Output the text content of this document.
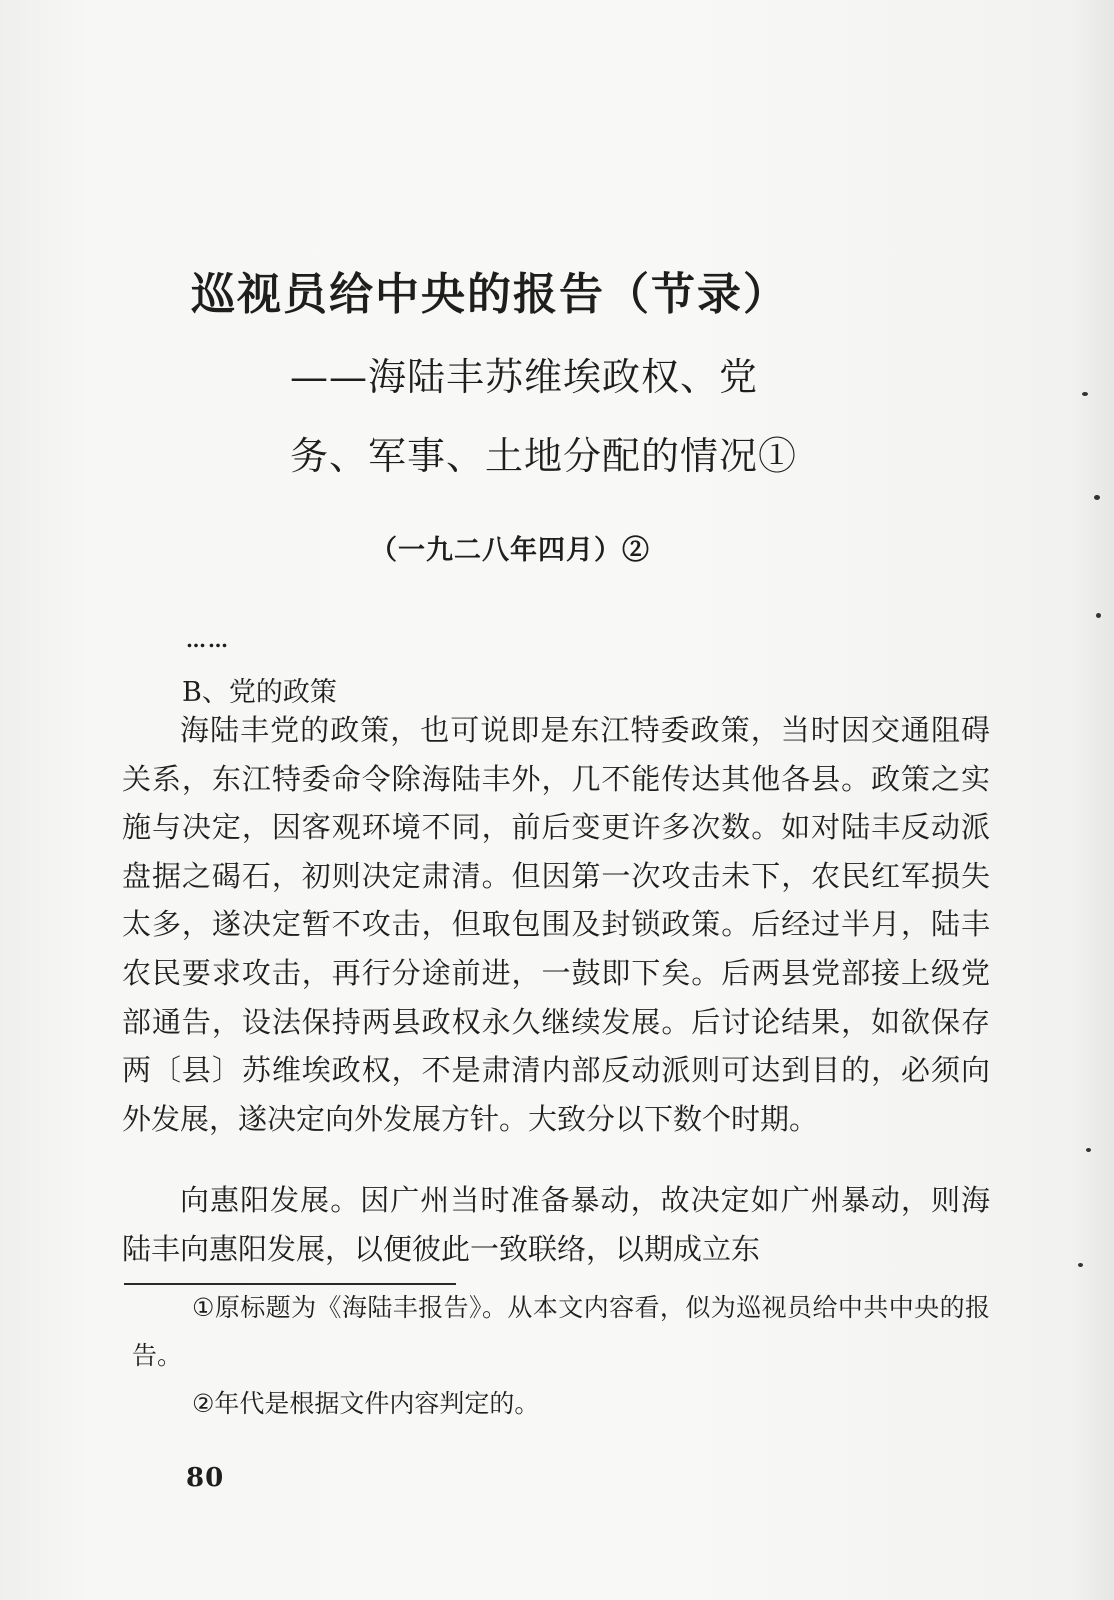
巡视员给中央的报告（节录）
——海陆丰苏维埃政权、党
务、军事、土地分配的情况①
（一九二八年四月）②
……
B、党的政策

海陆丰党的政策，也可说即是东江特委政策，当时因交通阻碍关系，东江特委命令除海陆丰外，几不能传达其他各县。政策之实施与决定，因客观环境不同，前后变更许多次数。如对陆丰反动派盘据之碣石，初则决定肃清。但因第一次攻击未下，农民红军损失太多，遂决定暂不攻击，但取包围及封锁政策。后经过半月，陆丰农民要求攻击，再行分途前进，一鼓即下矣。后两县党部接上级党部通告，设法保持两县政权永久继续发展。后讨论结果，如欲保存两〔县〕苏维埃政权，不是肃清内部反动派则可达到目的，必须向外发展，遂决定向外发展方针。大致分以下数个时期。

向惠阳发展。因广州当时准备暴动，故决定如广州暴动，则海陆丰向惠阳发展，以便彼此一致联络，以期成立东

①原标题为《海陆丰报告》。从本文内容看，似为巡视员给中共中央的报告。

②年代是根据文件内容判定的。

80
